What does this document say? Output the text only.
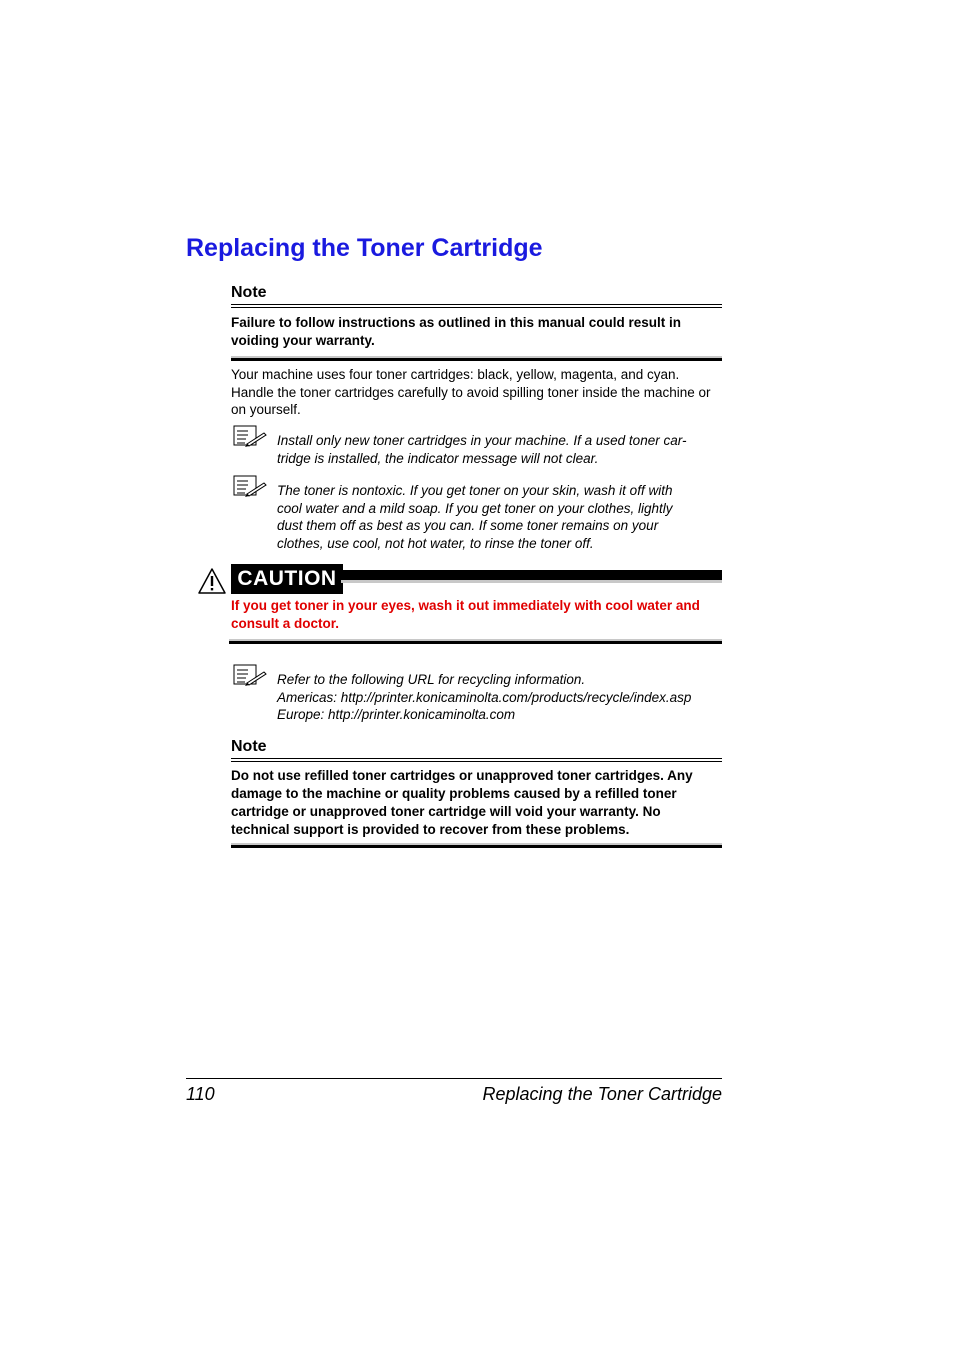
Replacing the Toner Cartridge
Note
Failure to follow instructions as outlined in this manual could result in voiding your warranty.
Your machine uses four toner cartridges: black, yellow, magenta, and cyan. Handle the toner cartridges carefully to avoid spilling toner inside the machine or on yourself.
Install only new toner cartridges in your machine. If a used toner car-
tridge is installed, the indicator message will not clear.
The toner is nontoxic. If you get toner on your skin, wash it off with
cool water and a mild soap. If you get toner on your clothes, lightly
dust them off as best as you can. If some toner remains on your
clothes, use cool, not hot water, to rinse the toner off.
CAUTION
If you get toner in your eyes, wash it out immediately with cool water and consult a doctor.
Refer to the following URL for recycling information.
Americas: http://printer.konicaminolta.com/products/recycle/index.asp
Europe: http://printer.konicaminolta.com
Note
Do not use refilled toner cartridges or unapproved toner cartridges. Any damage to the machine or quality problems caused by a refilled toner cartridge or unapproved toner cartridge will void your warranty. No technical support is provided to recover from these problems.
110	Replacing the Toner Cartridge
